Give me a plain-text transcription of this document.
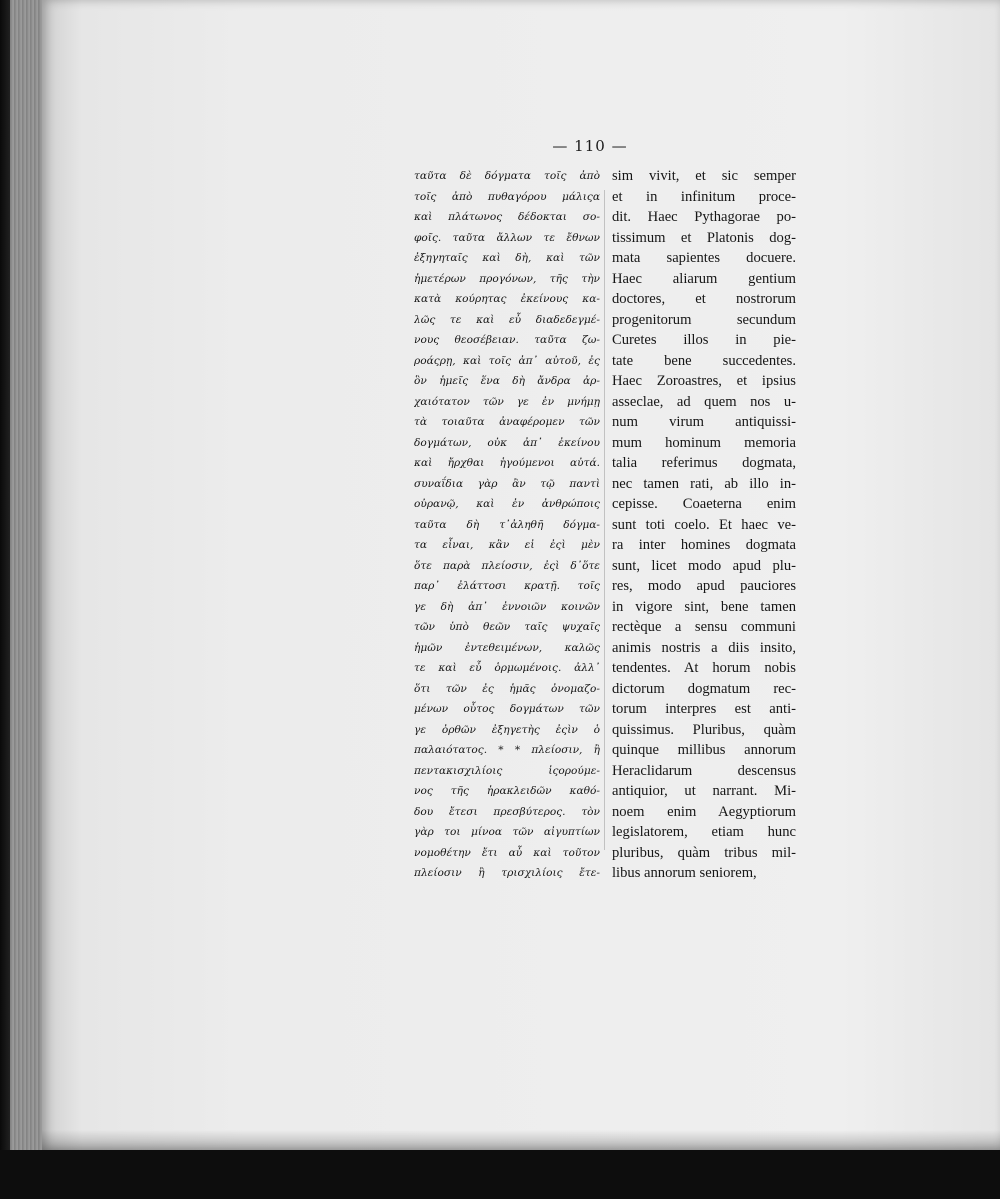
— 110 —
ταῦτα δὲ δόγματα τοῖς ἀπὸ
τοῖς ἀπὸ πυθαγόρου μάλιςα
καὶ πλάτωνος δέδοκται σο-
φοῖς. ταῦτα ἄλλων τε ἔθνων
ἐξηγηταῖς καὶ δὴ, καὶ τῶν
ἡμετέρων προγόνων, τῆς τὴν
κατὰ κούρητας ἐκείνους κα-
λῶς τε καὶ εὖ διαδεδεγμέ-
νους θεοσέβειαν. ταῦτα ζω-
ροάςρῃ, καὶ τοῖς ἀπ᾽ αὐτοῦ, ἐς
ὃν ἡμεῖς ἕνα δὴ ἄνδρα ἀρ-
χαιότατον τῶν γε ἐν μνήμῃ
τὰ τοιαῦτα ἀναφέρομεν τῶν
δογμάτων, οὐκ ἀπ᾽ ἐκείνου
καὶ ἤρχθαι ἡγούμενοι αὐτά.
συναΐδια γὰρ ἂν τῷ παντὶ
οὐρανῷ, καὶ ἐν ἀνθρώποις
ταῦτα δὴ τ᾽ἀληθῆ δόγμα-
τα εἶναι, κἂν εἰ ἐςὶ μὲν
ὅτε παρὰ πλείοσιν, ἐςὶ δ᾽ὅτε
παρ᾽ ἐλάττοσι κρατῇ. τοῖς
γε δὴ ἀπ᾽ ἐννοιῶν κοινῶν
τῶν ὑπὸ θεῶν ταῖς ψυχαῖς
ἡμῶν ἐντεθειμένων, καλῶς
τε καὶ εὖ ὁρμωμένοις. ἀλλ᾽
ὅτι τῶν ἐς ἡμᾶς ὀνομαζο-
μένων οὗτος δογμάτων τῶν
γε ὀρθῶν ἐξηγετὴς ἐςὶν ὁ
παλαιότατος. * * πλείοσιν, ἢ
πεντακισχιλίοις ἱςορούμε-
νος τῆς ἡρακλειδῶν καθό-
δου ἔτεσι πρεσβύτερος. τὸν
γὰρ τοι μίνοα τῶν αἰγυπτίων
νομοθέτην ἔτι αὖ καὶ τοῦτον
πλείοσιν ἢ τρισχιλίοις ἔτε-
sim vivit, et sic semper
et in infinitum proce-
dit. Haec Pythagorae po-
tissimum et Platonis dog-
mata sapientes docuere.
Haec aliarum gentium
doctores, et nostrorum
progenitorum secundum
Curetes illos in pie-
tate bene succedentes.
Haec Zoroastres, et ipsius
asseclae, ad quem nos u-
num virum antiquissi-
mum hominum memoria
talia referimus dogmata,
nec tamen rati, ab illo in-
cepisse. Coaeterna enim
sunt toti coelo. Et haec ve-
ra inter homines dogmata
sunt, licet modo apud plu-
res, modo apud pauciores
in vigore sint, bene tamen
rectèque a sensu communi
animis nostris a diis insito,
tendentes. At horum nobis
dictorum dogmatum rec-
torum interpres est anti-
quissimus. Pluribus, quàm
quinque millibus annorum
Heraclidarum descensus
antiquior, ut narrant. Mi-
noem enim Aegyptiorum
legislatorem, etiam hunc
pluribus, quàm tribus mil-
libus annorum seniorem,
